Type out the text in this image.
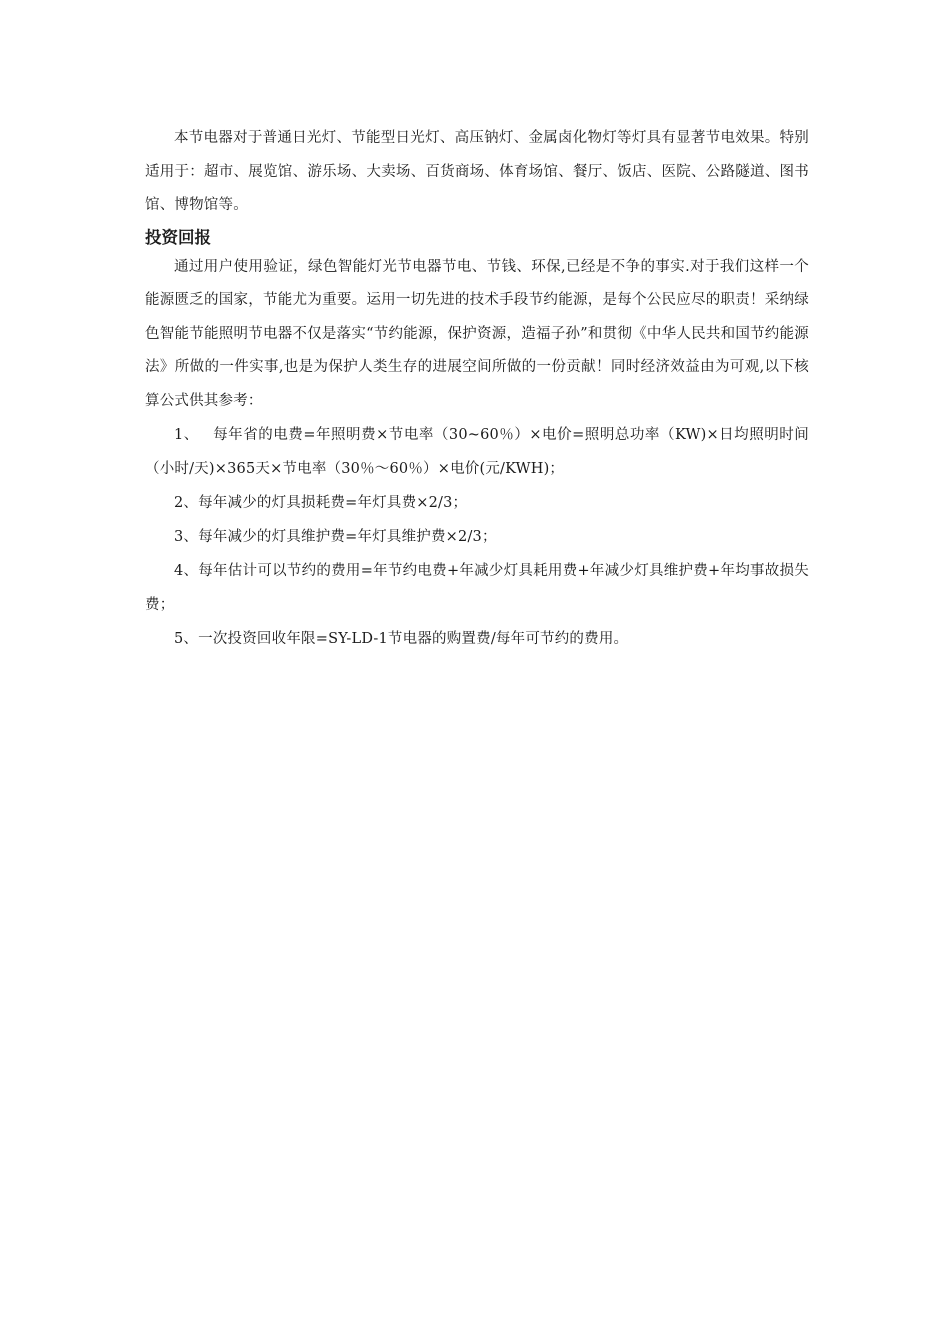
本节电器对于普通日光灯、节能型日光灯、高压钠灯、金属卤化物灯等灯具有显著节电效果。特别适用于：超市、展览馆、游乐场、大卖场、百货商场、体育场馆、餐厅、饭店、医院、公路隧道、图书馆、博物馆等。

投资回报

通过用户使用验证，绿色智能灯光节电器节电、节钱、环保,已经是不争的事实.对于我们这样一个能源匮乏的国家，节能尤为重要。运用一切先进的技术手段节约能源，是每个公民应尽的职责！采纳绿色智能节能照明节电器不仅是落实“节约能源，保护资源，造福子孙”和贯彻《中华人民共和国节约能源法》所做的一件实事,也是为保护人类生存的进展空间所做的一份贡献！同时经济效益由为可观,以下核算公式供其参考：

1、 每年省的电费=年照明费×节电率（30~60％）×电价=照明总功率（KW)×日均照明时间（小时/天)×365天×节电率（30％～60％）×电价(元/KWH)；

2、每年减少的灯具损耗费=年灯具费×2/3；

3、每年减少的灯具维护费=年灯具维护费×2/3；

4、每年估计可以节约的费用=年节约电费+年减少灯具耗用费+年减少灯具维护费+年均事故损失费；

5、一次投资回收年限=SY-LD-1节电器的购置费/每年可节约的费用。
